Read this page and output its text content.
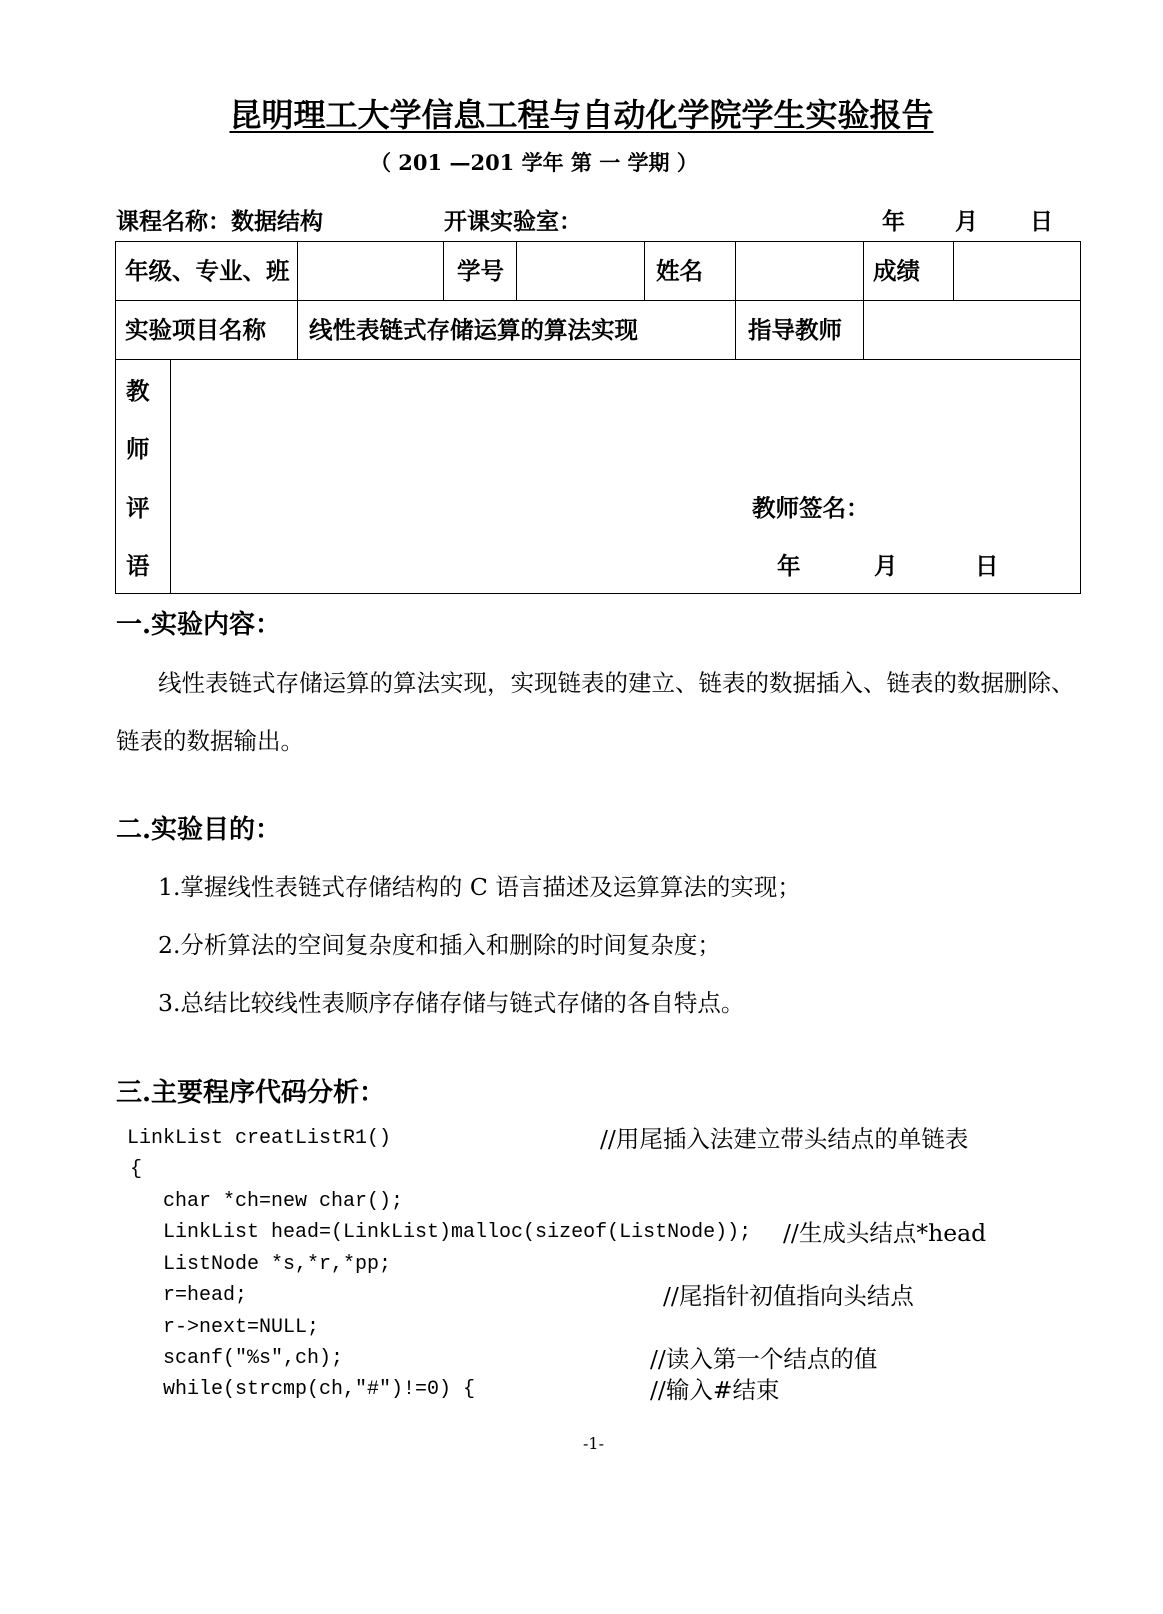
昆明理工大学信息工程与自动化学院学生实验报告
（ 201 —201 学年 第 一 学期 ）
课程名称：数据结构	开课实验室：	年 月 日
年级、专业、班	学号	姓名	成绩
实验项目名称 线性表链式存储运算的算法实现	指导教师
教
师
评
语
教师签名：
年	月	日
一.实验内容：
线性表链式存储运算的算法实现，实现链表的建立、链表的数据插入、链表的数据删除、
链表的数据输出。
二.实验目的：
1.掌握线性表链式存储结构的 C 语言描述及运算算法的实现；
2.分析算法的空间复杂度和插入和删除的时间复杂度；
3.总结比较线性表顺序存储存储与链式存储的各自特点。
三.主要程序代码分析：
LinkList creatListR1()	//用尾插入法建立带头结点的单链表
{
char *ch=new char();
LinkList head=(LinkList)malloc(sizeof(ListNode)); //生成头结点*head
ListNode *s,*r,*pp;
r=head;	//尾指针初值指向头结点
r->next=NULL;
scanf("%s",ch);	//读入第一个结点的值
while(strcmp(ch,"#")!=0) {	//输入#结束
-1-
